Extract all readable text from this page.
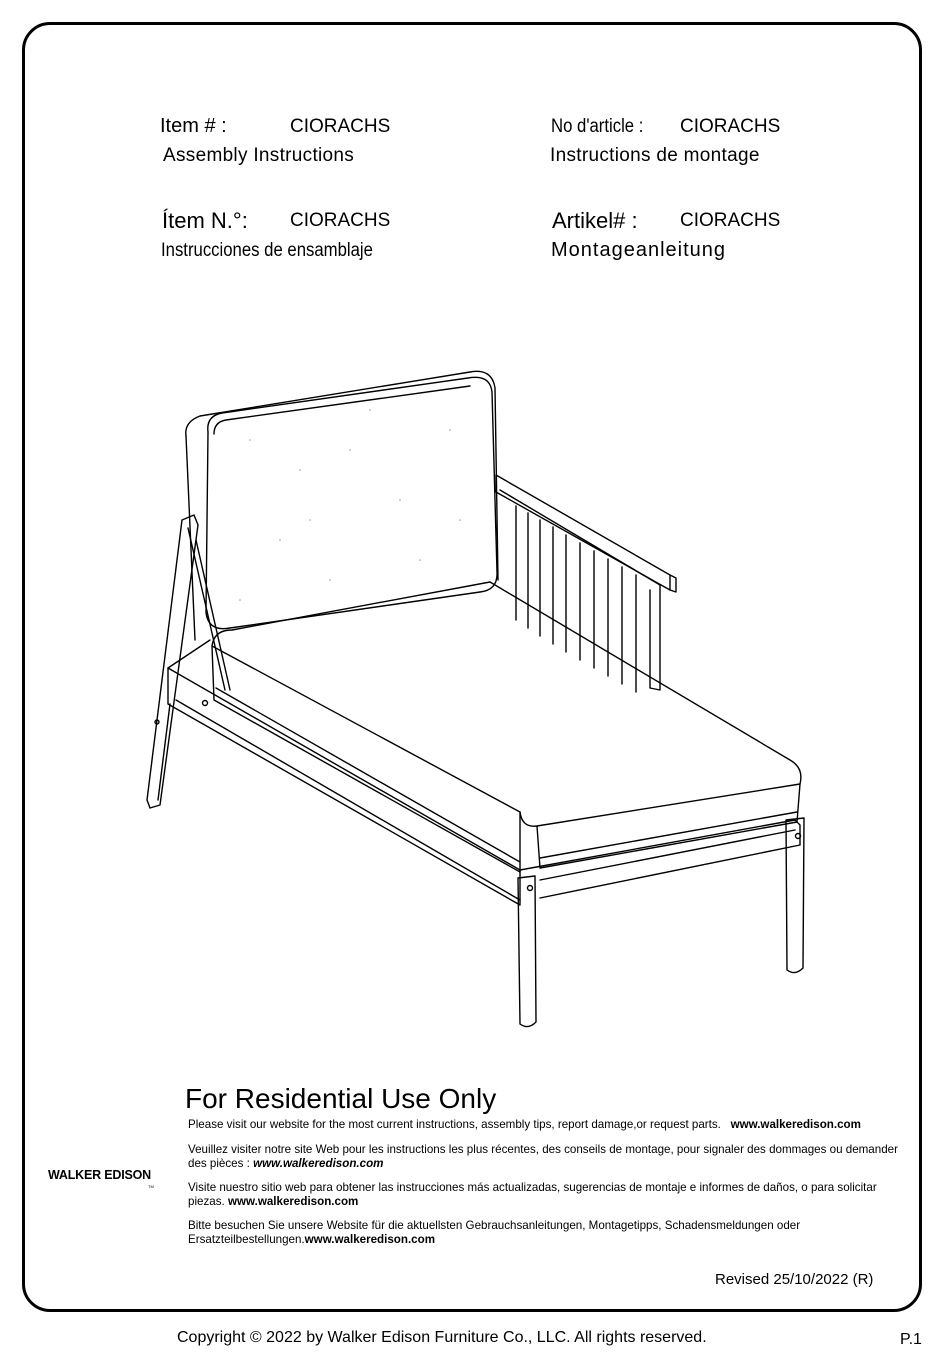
Item # :	CIORACHS
Assembly Instructions
No d'article : CIORACHS
Instructions de montage
Ítem N.°: CIORACHS
Instrucciones de ensamblaje
Artikel# : CIORACHS
Montageanleitung
For Residential Use Only
Please visit our website for the most current instructions, assembly tips, report damage,or request parts. www.walkeredison.com
Veuillez visiter notre site Web pour les instructions les plus récentes, des conseils de montage, pour signaler des dommages ou demander des pièces : www.walkeredison.com
Visite nuestro sitio web para obtener las instrucciones más actualizadas, sugerencias de montaje e informes de daños, o para solicitar piezas. www.walkeredison.com
Bitte besuchen Sie unsere Website für die aktuellsten Gebrauchsanleitungen, Montagetipps, Schadensmeldungen oder Ersatzteilbestellungen.www.walkeredison.com
WALKER EDISON
TM
Revised 25/10/2022 (R)
Copyright © 2022 by Walker Edison Furniture Co., LLC. All rights reserved.	P.1
